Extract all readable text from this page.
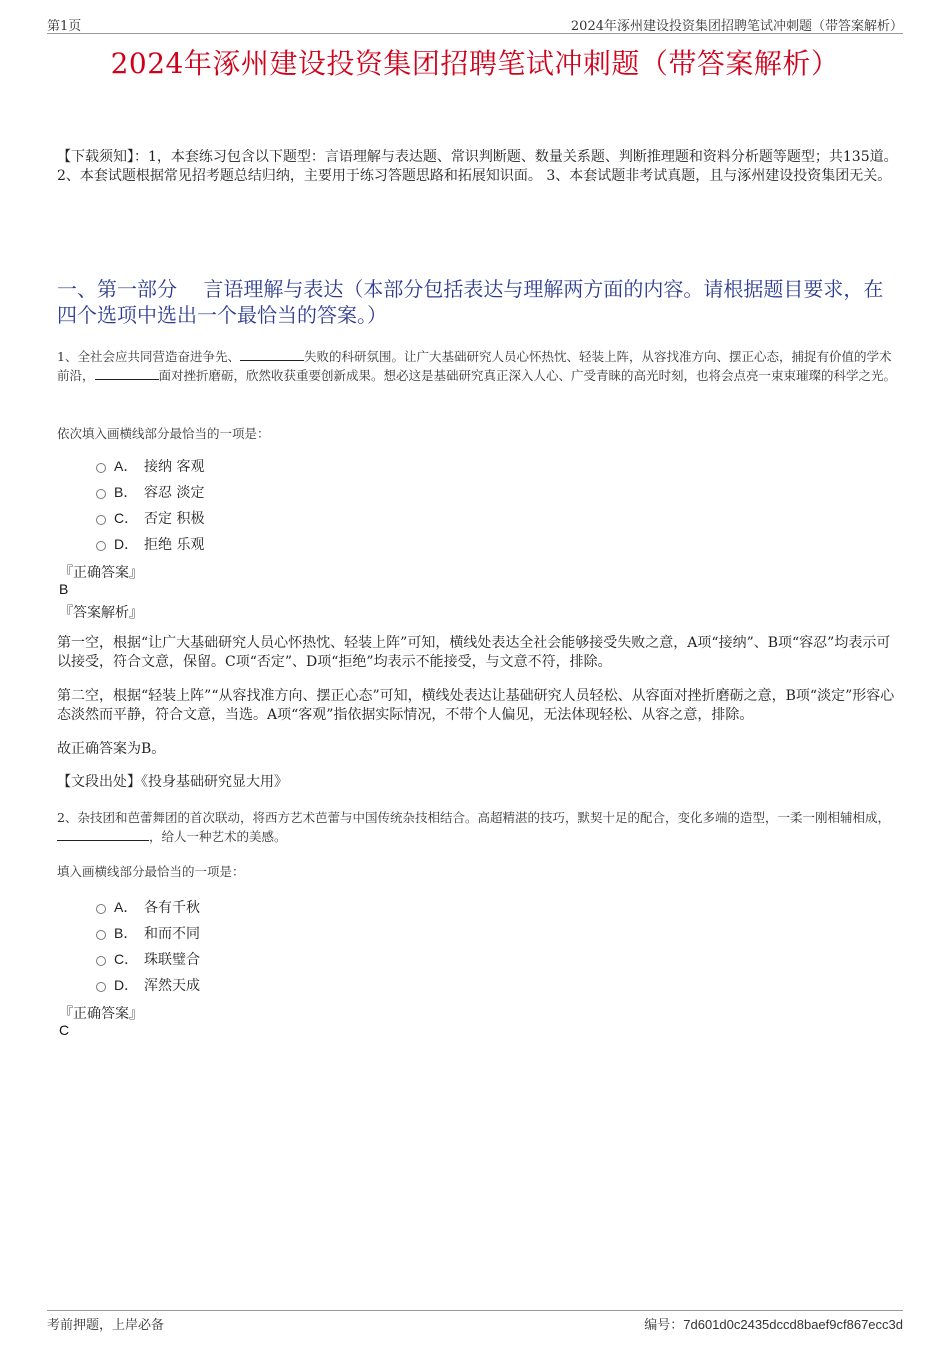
第1页	2024年涿州建设投资集团招聘笔试冲刺题（带答案解析）
2024年涿州建设投资集团招聘笔试冲刺题（带答案解析）

【下载须知】：1，本套练习包含以下题型：言语理解与表达题、常识判断题、数量关系题、判断推理题和资料分析题等题型；共135道。 2、本套试题根据常见招考题总结归纳，主要用于练习答题思路和拓展知识面。 3、本套试题非考试真题，且与涿州建设投资集团无关。

一、第一部分　 言语理解与表达（本部分包括表达与理解两方面的内容。请根据题目要求，在四个选项中选出一个最恰当的答案。）

1、全社会应共同营造奋进争先、	失败的科研氛围。让广大基础研究人员心怀热忱、轻装上阵，从容找准方向、摆正心态，捕捉有价值的学术前沿，	面对挫折磨砺，欣然收获重要创新成果。想必这是基础研究真正深入人心、广受青睐的高光时刻，也将会点亮一束束璀璨的科学之光。

依次填入画横线部分最恰当的一项是：

A． 接纳 客观
B． 容忍 淡定
C． 否定 积极
D． 拒绝 乐观

『正确答案』

B

『答案解析』

第一空，根据“让广大基础研究人员心怀热忱、轻装上阵”可知，横线处表达全社会能够接受失败之意，A项“接纳”、B项“容忍”均表示可以接受，符合文意，保留。C项“否定”、D项“拒绝”均表示不能接受，与文意不符，排除。

第二空，根据“轻装上阵”“从容找准方向、摆正心态”可知，横线处表达让基础研究人员轻松、从容面对挫折磨砺之意，B项“淡定”形容心态淡然而平静，符合文意，当选。A项“客观”指依据实际情况，不带个人偏见，无法体现轻松、从容之意，排除。

故正确答案为B。

【文段出处】《投身基础研究显大用》

2、杂技团和芭蕾舞团的首次联动，将西方艺术芭蕾与中国传统杂技相结合。高超精湛的技巧，默契十足的配合，变化多端的造型，一柔一刚相辅相成，，给人一种艺术的美感。

填入画横线部分最恰当的一项是：

A． 各有千秋
B． 和而不同
C． 珠联璧合
D． 浑然天成

『正确答案』

C

考前押题，上岸必备	编号：7d601d0c2435dccd8baef9cf867ecc3d
